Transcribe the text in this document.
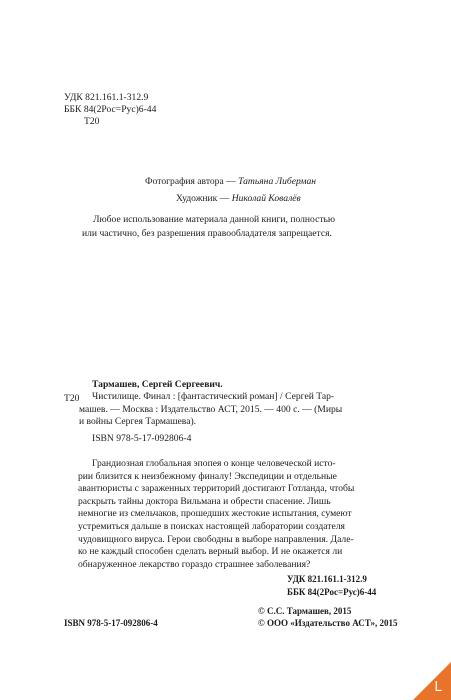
УДК 821.161.1-312.9
ББК 84(2Рос=Рус)6-44
Т20
Фотография автора — Татьяна Либерман
Художник — Николай Ковалёв
Любое использование материала данной книги, полностью
или частично, без разрешения правообладателя запрещается.
Тармашев, Сергей Сергеевич.
Т20 Чистилище. Финал : [фантастический роман] / Сергей Тар-
машев. — Москва : Издательство АСТ, 2015. — 400 с. — (Миры
и войны Сергея Тармашева).
ISBN 978-5-17-092806-4
Грандиозная глобальная эпопея о конце человеческой исто-
рии близится к неизбежному финалу! Экспедиции и отдельные
авантюристы с зараженных территорий достигают Готланда, чтобы
раскрыть тайны доктора Вильмана и обрести спасение. Лишь
немногие из смельчаков, прошедших жестокие испытания, сумеют
устремиться дальше в поисках настоящей лаборатории создателя
чудовищного вируса. Герои свободны в выборе направления. Дале-
ко не каждый способен сделать верный выбор. И не окажется ли
обнаруженное лекарство гораздо страшнее заболевания?
УДК 821.161.1-312.9
ББК 84(2Рос=Рус)6-44
ISBN 978-5-17-092806-4
© С.С. Тармашев, 2015
© ООО «Издательство АСТ», 2015
L
